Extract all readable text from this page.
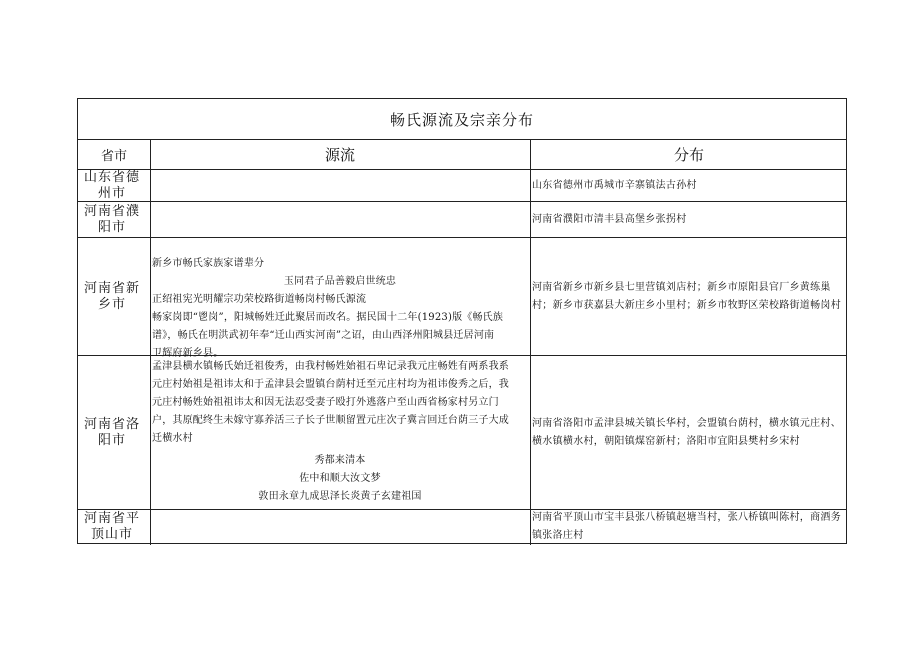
畅氏源流及宗亲分布
省市	源流	分布
山东省德州市
山东省德州市禹城市辛寨镇法古孙村
河南省濮阳市
河南省濮阳市清丰县高堡乡张拐村
河南省新乡市

新乡市畅氏家族家谱辈分

玉同君子品善毅启世统忠

正绍祖宪光明耀宗功荣校路街道畅岗村畅氏源流

畅家岗即“鬯岗”，阳城畅姓迁此聚居而改名。据民国十二年(1923)版《畅氏族

谱》，畅氏在明洪武初年奉“迁山西实河南”之诏，由山西泽州阳城县迁居河南

卫辉府新乡县。

河南省新乡市新乡县七里营镇刘店村；新乡市原阳县官厂乡黄练巢村；新乡市获嘉县大新庄乡小里村；新乡市牧野区荣校路街道畅岗村
河南省洛阳市

孟津县横水镇畅氏始迁祖俊秀，由我村畅姓始祖石卑记录我元庄畅姓有两系我系

元庄村始祖是祖讳太和于孟津县会盟镇台荫村迁至元庄村均为祖讳俊秀之后，我

元庄村畅姓始祖祖讳太和因无法忍受妻子殴打外逃落户至山西省杨家村另立门

户，其原配终生未嫁守寡养活三子长子世顺留置元庄次子冀言回迁台荫三子大成

迁横水村

秀都来清本

佐中和顺大汝文梦

敦田永章九成思泽长炎黄子玄建祖国

河南省洛阳市孟津县城关镇长华村，会盟镇台荫村，横水镇元庄村、横水镇横水村，朝阳镇煤窑新村；洛阳市宜阳县樊村乡宋村
河南省平顶山市
河南省平顶山市宝丰县张八桥镇赵塘当村，张八桥镇叫陈村，商酒务镇张洛庄村
